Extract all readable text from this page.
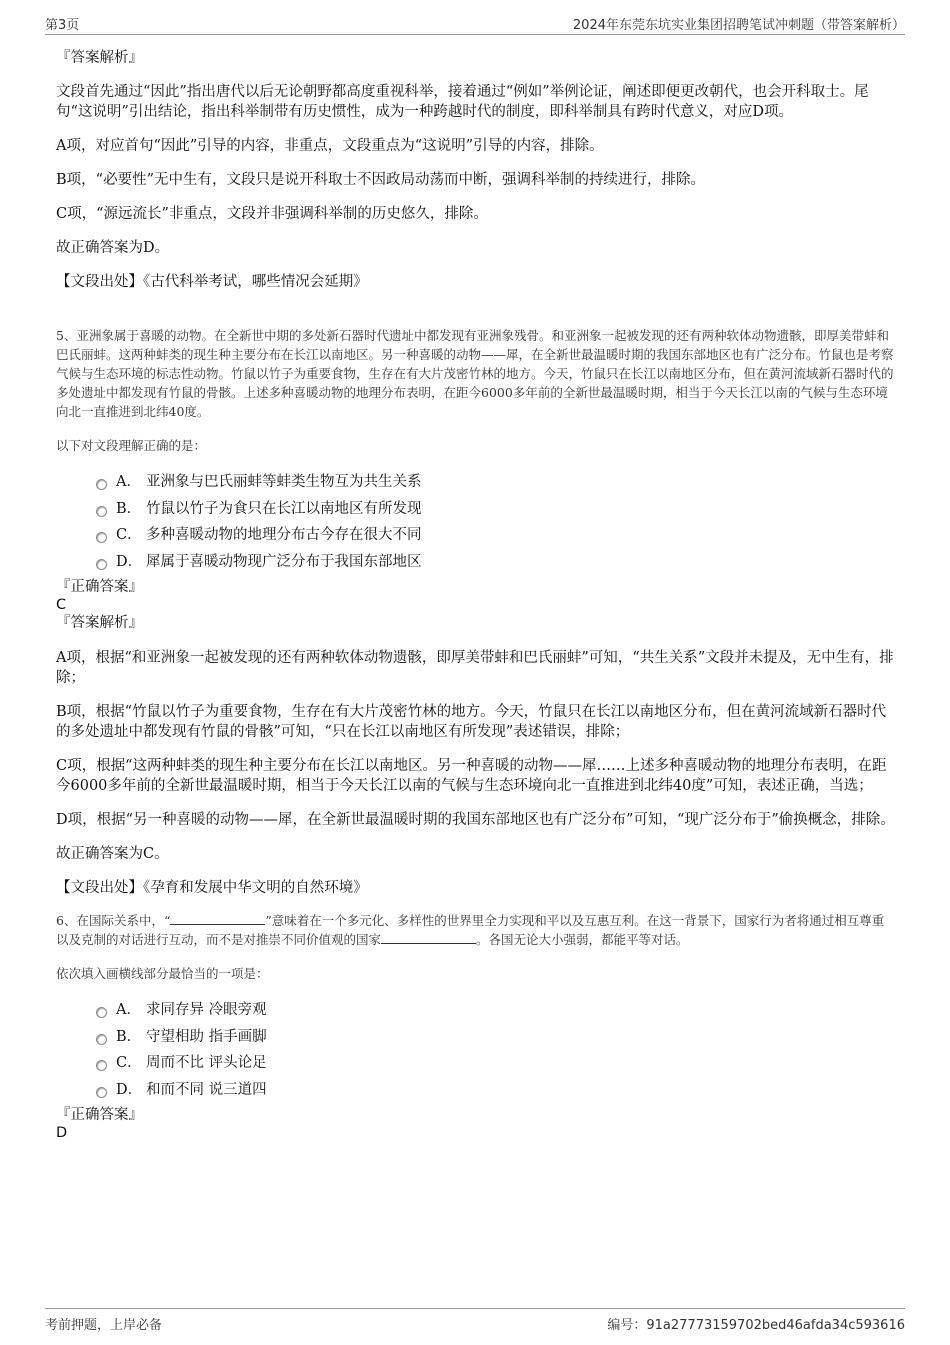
第3页	2024年东莞东坑实业集团招聘笔试冲刺题（带答案解析）

『答案解析』

文段首先通过“因此”指出唐代以后无论朝野都高度重视科举，接着通过“例如”举例论证，阐述即便更改朝代，也会开科取士。尾句“这说明”引出结论，指出科举制带有历史惯性，成为一种跨越时代的制度，即科举制具有跨时代意义，对应D项。

A项，对应首句“因此”引导的内容，非重点，文段重点为“这说明”引导的内容，排除。

B项，“必要性”无中生有，文段只是说开科取士不因政局动荡而中断，强调科举制的持续进行，排除。

C项，“源远流长”非重点，文段并非强调科举制的历史悠久，排除。

故正确答案为D。

【文段出处】《古代科举考试，哪些情况会延期》

5、亚洲象属于喜暖的动物。在全新世中期的多处新石器时代遗址中都发现有亚洲象残骨。和亚洲象一起被发现的还有两种软体动物遗骸，即厚美带蚌和巴氏丽蚌。这两种蚌类的现生种主要分布在长江以南地区。另一种喜暖的动物——犀，在全新世最温暖时期的我国东部地区也有广泛分布。竹鼠也是考察气候与生态环境的标志性动物。竹鼠以竹子为重要食物，生存在有大片茂密竹林的地方。今天，竹鼠只在长江以南地区分布，但在黄河流域新石器时代的多处遗址中都发现有竹鼠的骨骸。上述多种喜暖动物的地理分布表明，在距今6000多年前的全新世最温暖时期，相当于今天长江以南的气候与生态环境向北一直推进到北纬40度。

以下对文段理解正确的是：

A． 亚洲象与巴氏丽蚌等蚌类生物互为共生关系
B． 竹鼠以竹子为食只在长江以南地区有所发现
C． 多种喜暖动物的地理分布古今存在很大不同
D． 犀属于喜暖动物现广泛分布于我国东部地区

『正确答案』

C

『答案解析』

A项，根据“和亚洲象一起被发现的还有两种软体动物遗骸，即厚美带蚌和巴氏丽蚌”可知，“共生关系”文段并未提及，无中生有，排除；

B项，根据“竹鼠以竹子为重要食物，生存在有大片茂密竹林的地方。今天，竹鼠只在长江以南地区分布，但在黄河流域新石器时代的多处遗址中都发现有竹鼠的骨骸”可知，“只在长江以南地区有所发现”表述错误，排除；

C项，根据“这两种蚌类的现生种主要分布在长江以南地区。另一种喜暖的动物——犀……上述多种喜暖动物的地理分布表明，在距今6000多年前的全新世最温暖时期，相当于今天长江以南的气候与生态环境向北一直推进到北纬40度”可知，表述正确，当选；

D项，根据“另一种喜暖的动物——犀，在全新世最温暖时期的我国东部地区也有广泛分布”可知，“现广泛分布于”偷换概念，排除。

故正确答案为C。

【文段出处】《孕育和发展中华文明的自然环境》

6、在国际关系中，“	”意味着在一个多元化、多样性的世界里全力实现和平以及互惠互利。在这一背景下，国家行为者将通过相互尊重以及克制的对话进行互动，而不是对推崇不同价值观的国家	。各国无论大小强弱，都能平等对话。

依次填入画横线部分最恰当的一项是：

A． 求同存异 冷眼旁观
B． 守望相助 指手画脚
C． 周而不比 评头论足
D． 和而不同 说三道四

『正确答案』

D

考前押题，上岸必备	编号：91a27773159702bed46afda34c593616
